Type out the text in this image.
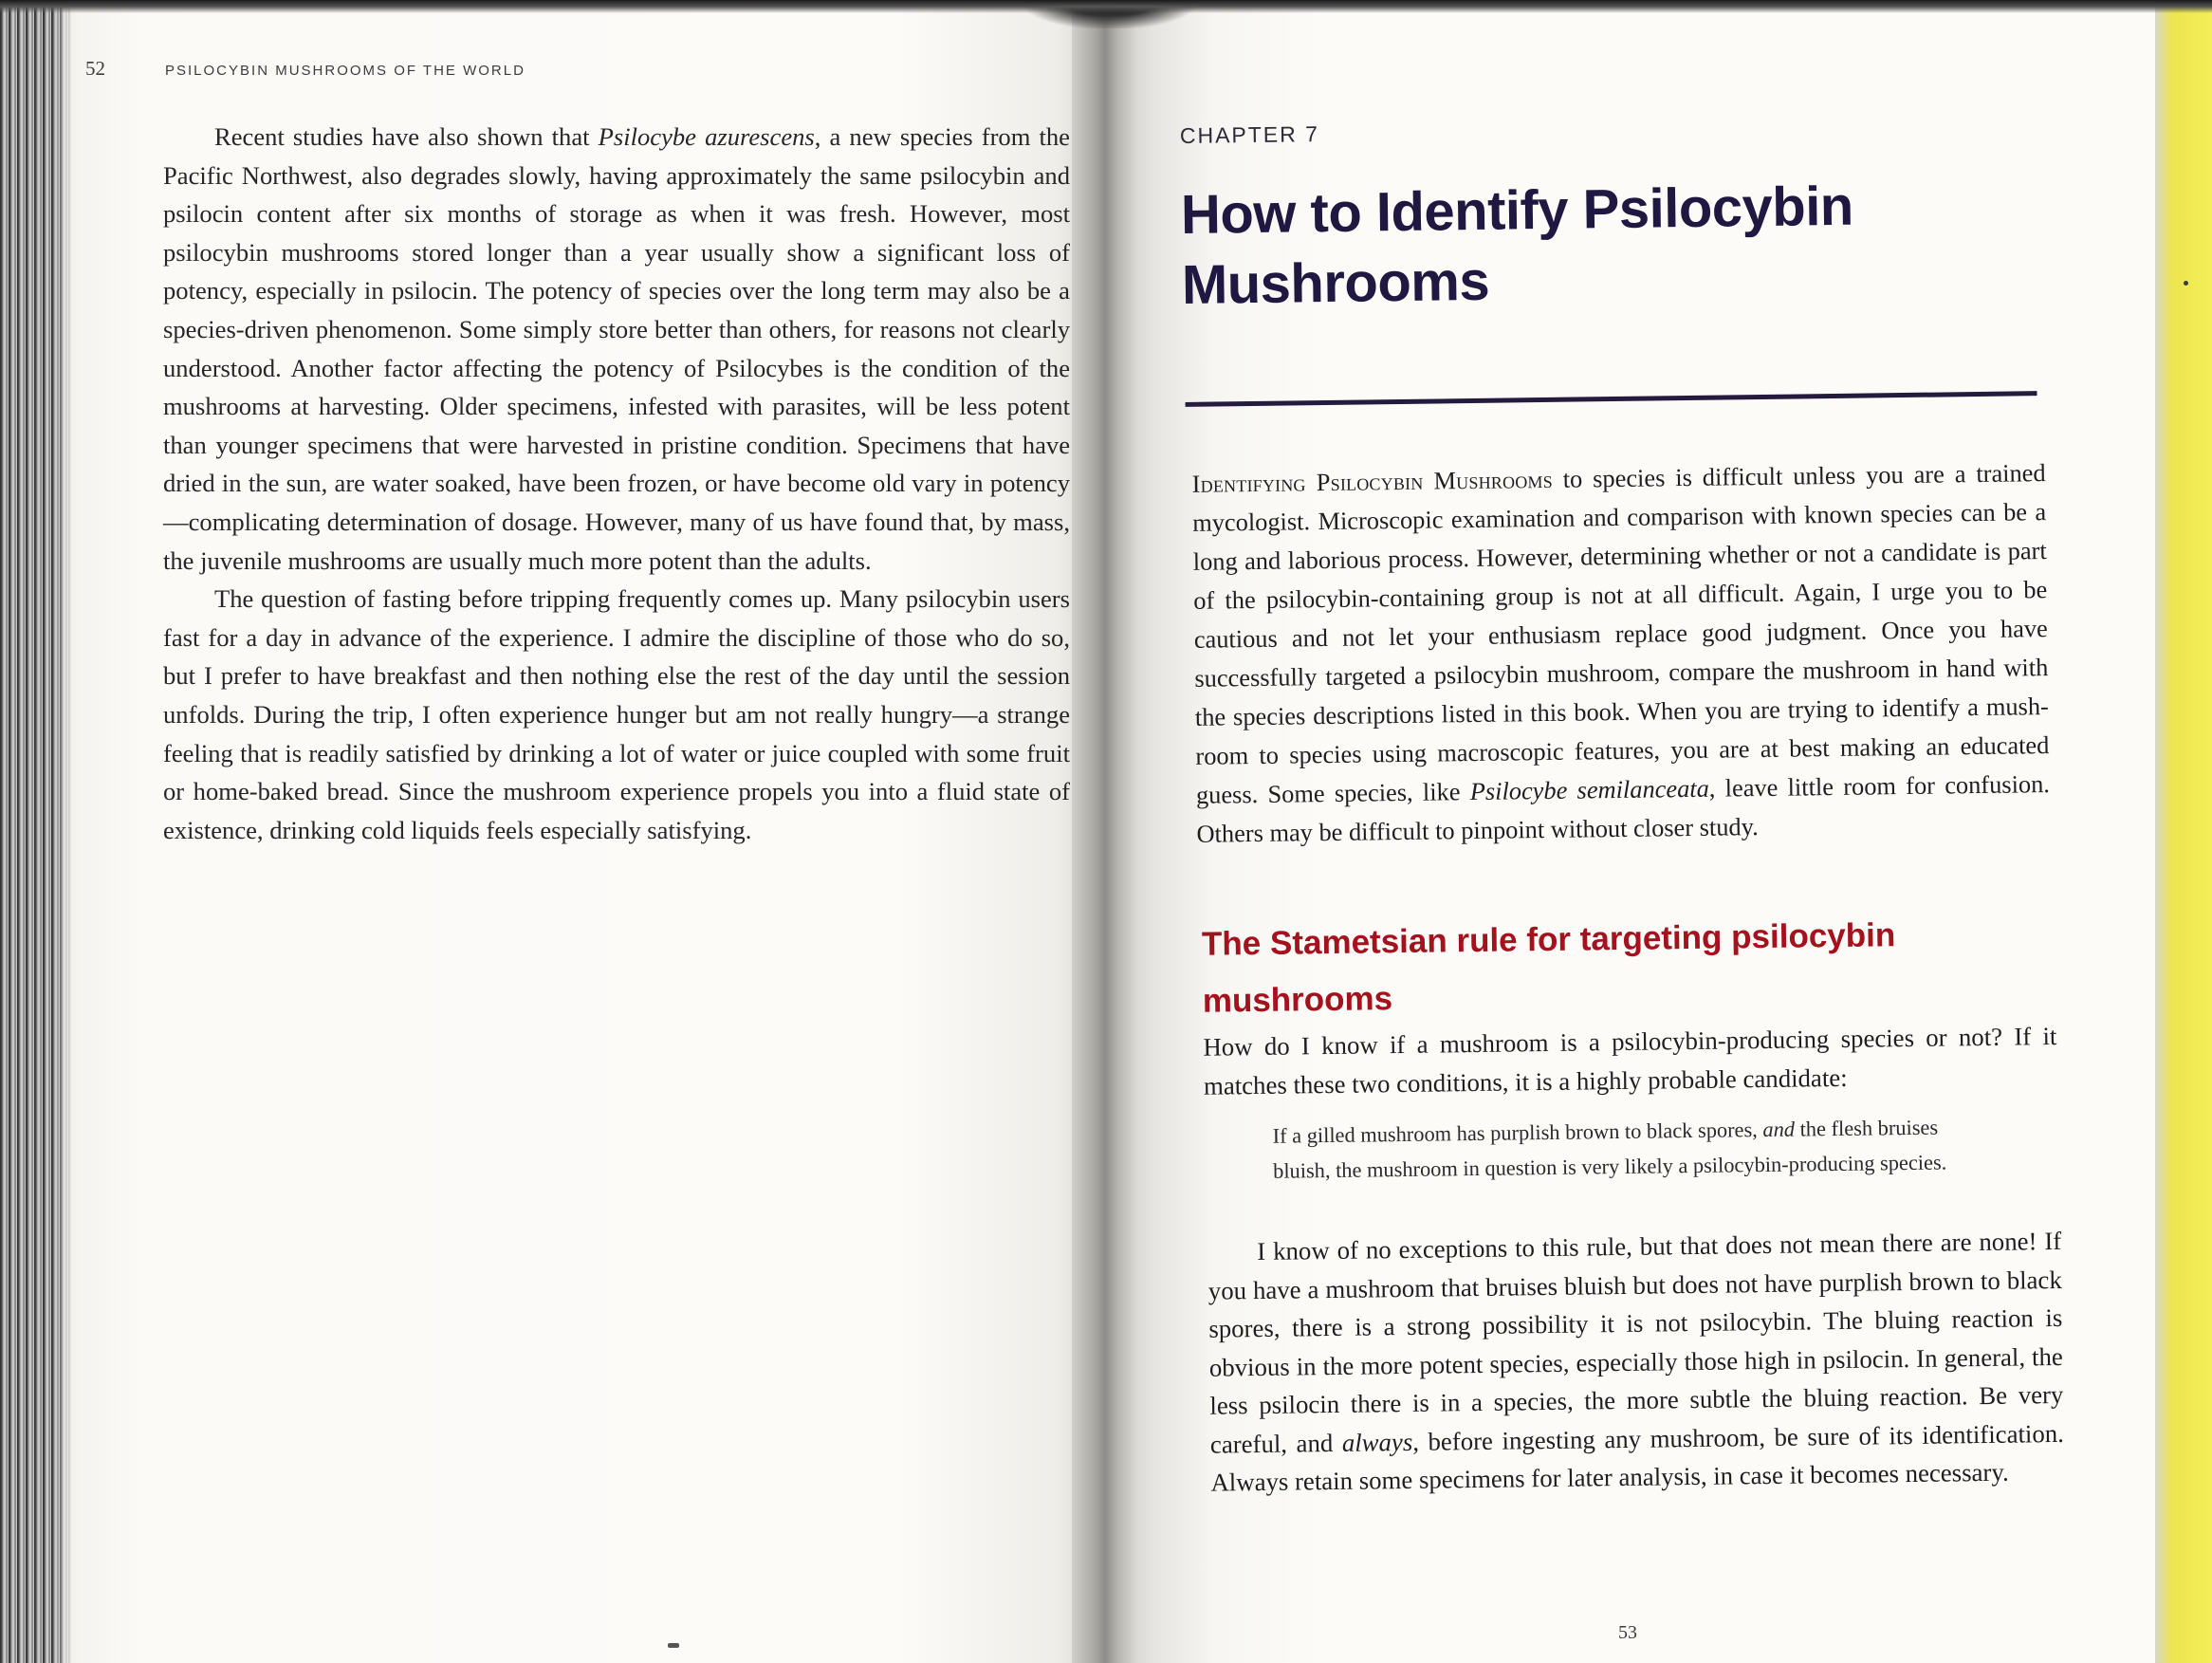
52	PSILOCYBIN MUSHROOMS OF THE WORLD

Recent studies have also shown that Psilocybe azurescens, a new species from the Pacific Northwest, also degrades slowly, having approximately the same psilocybin and psilocin content after six months of storage as when it was fresh. However, most psilocybin mushrooms stored longer than a year usually show a significant loss of potency, especially in psilocin. The potency of species over the long term may also be a species-driven phenomenon. Some simply store better than others, for reasons not clearly understood. Another factor affecting the potency of Psilocybes is the condition of the mushrooms at harvesting. Older specimens, infested with parasites, will be less potent than younger specimens that were harvested in pristine condition. Specimens that have dried in the sun, are water soaked, have been frozen, or have become old vary in potency—complicating determination of dosage. However, many of us have found that, by mass, the juvenile mushrooms are usually much more potent than the adults.

The question of fasting before tripping frequently comes up. Many psilocybin users fast for a day in advance of the experience. I admire the discipline of those who do so, but I prefer to have breakfast and then nothing else the rest of the day until the session unfolds. During the trip, I often experience hunger but am not really hungry—a strange feeling that is readily satisfied by drinking a lot of water or juice coupled with some fruit or home-baked bread. Since the mushroom experience propels you into a fluid state of existence, drinking cold liquids feels especially satisfying.

CHAPTER 7
How to Identify Psilocybin Mushrooms

Identifying Psilocybin Mushrooms to species is difficult unless you are a trained mycologist. Microscopic examination and comparison with known species can be a long and laborious process. However, determining whether or not a candidate is part of the psilocybin-containing group is not at all difficult. Again, I urge you to be cautious and not let your enthusiasm replace good judgment. Once you have successfully targeted a psilocybin mushroom, compare the mushroom in hand with the species descriptions listed in this book. When you are trying to identify a mushroom to species using macroscopic features, you are at best making an educated guess. Some species, like Psilocybe semilanceata, leave little room for confusion. Others may be difficult to pinpoint without closer study.

The Stametsian rule for targeting psilocybin mushrooms

How do I know if a mushroom is a psilocybin-producing species or not? If it matches these two conditions, it is a highly probable candidate:

If a gilled mushroom has purplish brown to black spores, and the flesh bruises bluish, the mushroom in question is very likely a psilocybin-producing species.

I know of no exceptions to this rule, but that does not mean there are none! If you have a mushroom that bruises bluish but does not have purplish brown to black spores, there is a strong possibility it is not psilocybin. The bluing reaction is obvious in the more potent species, especially those high in psilocin. In general, the less psilocin there is in a species, the more subtle the bluing reaction. Be very careful, and always, before ingesting any mushroom, be sure of its identification. Always retain some specimens for later analysis, in case it becomes necessary.

53
